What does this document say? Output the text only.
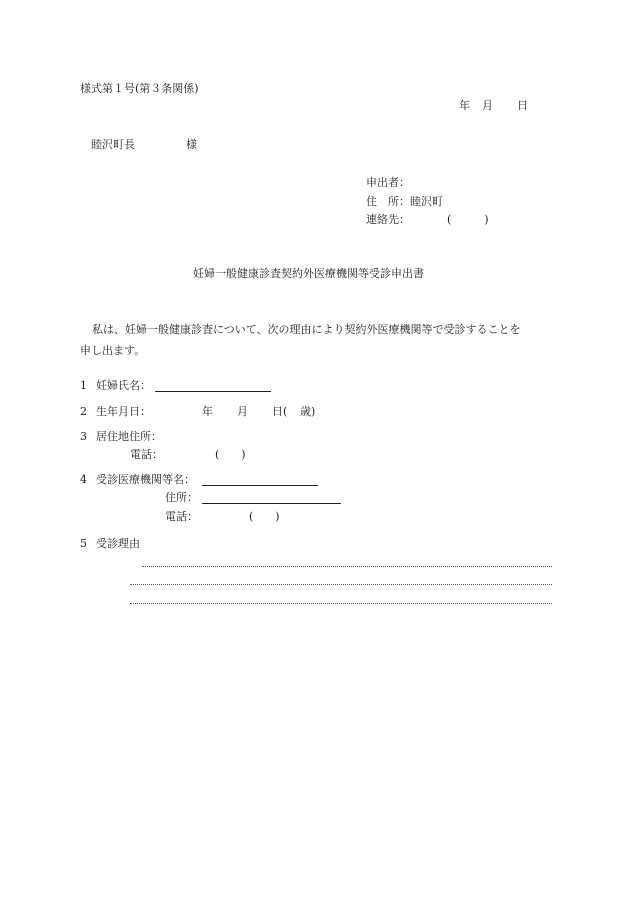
様式第１号(第３条関係)
年 月 日
睦沢町長	様
申出者：
住　所：睦沢町
連絡先：	(　　　)
妊婦一般健康診査契約外医療機関等受診申出書
私は、妊婦一般健康診査について、次の理由により契約外医療機関等で受診することを
申し出ます。
1 妊婦氏名：
2 生年月日：	年 月 日( 歳)
3 居住地住所：
電話：	(　　)
4 受診医療機関等名：
住所：
電話：	(　　)
5 受診理由
